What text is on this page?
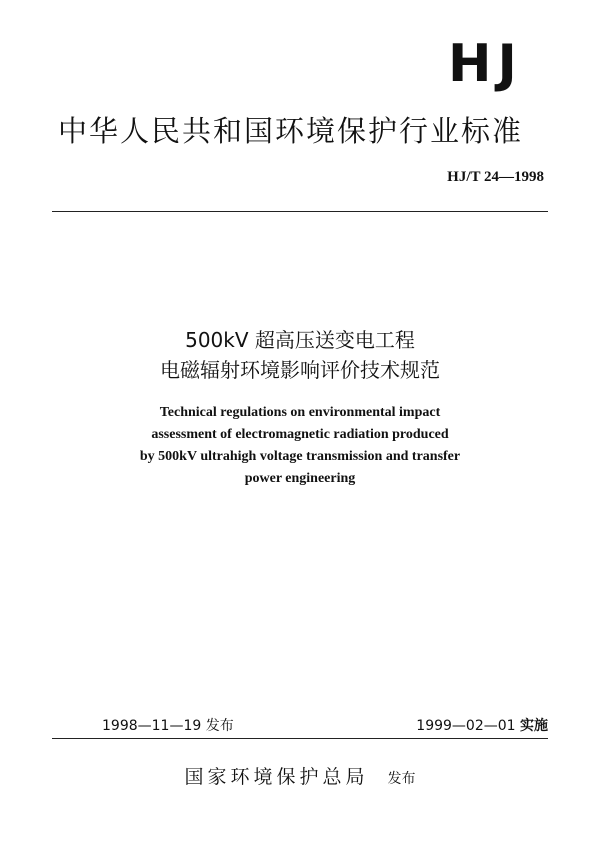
HJ
中华人民共和国环境保护行业标准
HJ/T 24—1998
500kV 超高压送变电工程
电磁辐射环境影响评价技术规范
Technical regulations on environmental impact
assessment of electromagnetic radiation produced
by 500kV ultrahigh voltage transmission and transfer
power engineering
1998—11—19 发布	1999—02—01 实施
国家环境保护总局 发布
